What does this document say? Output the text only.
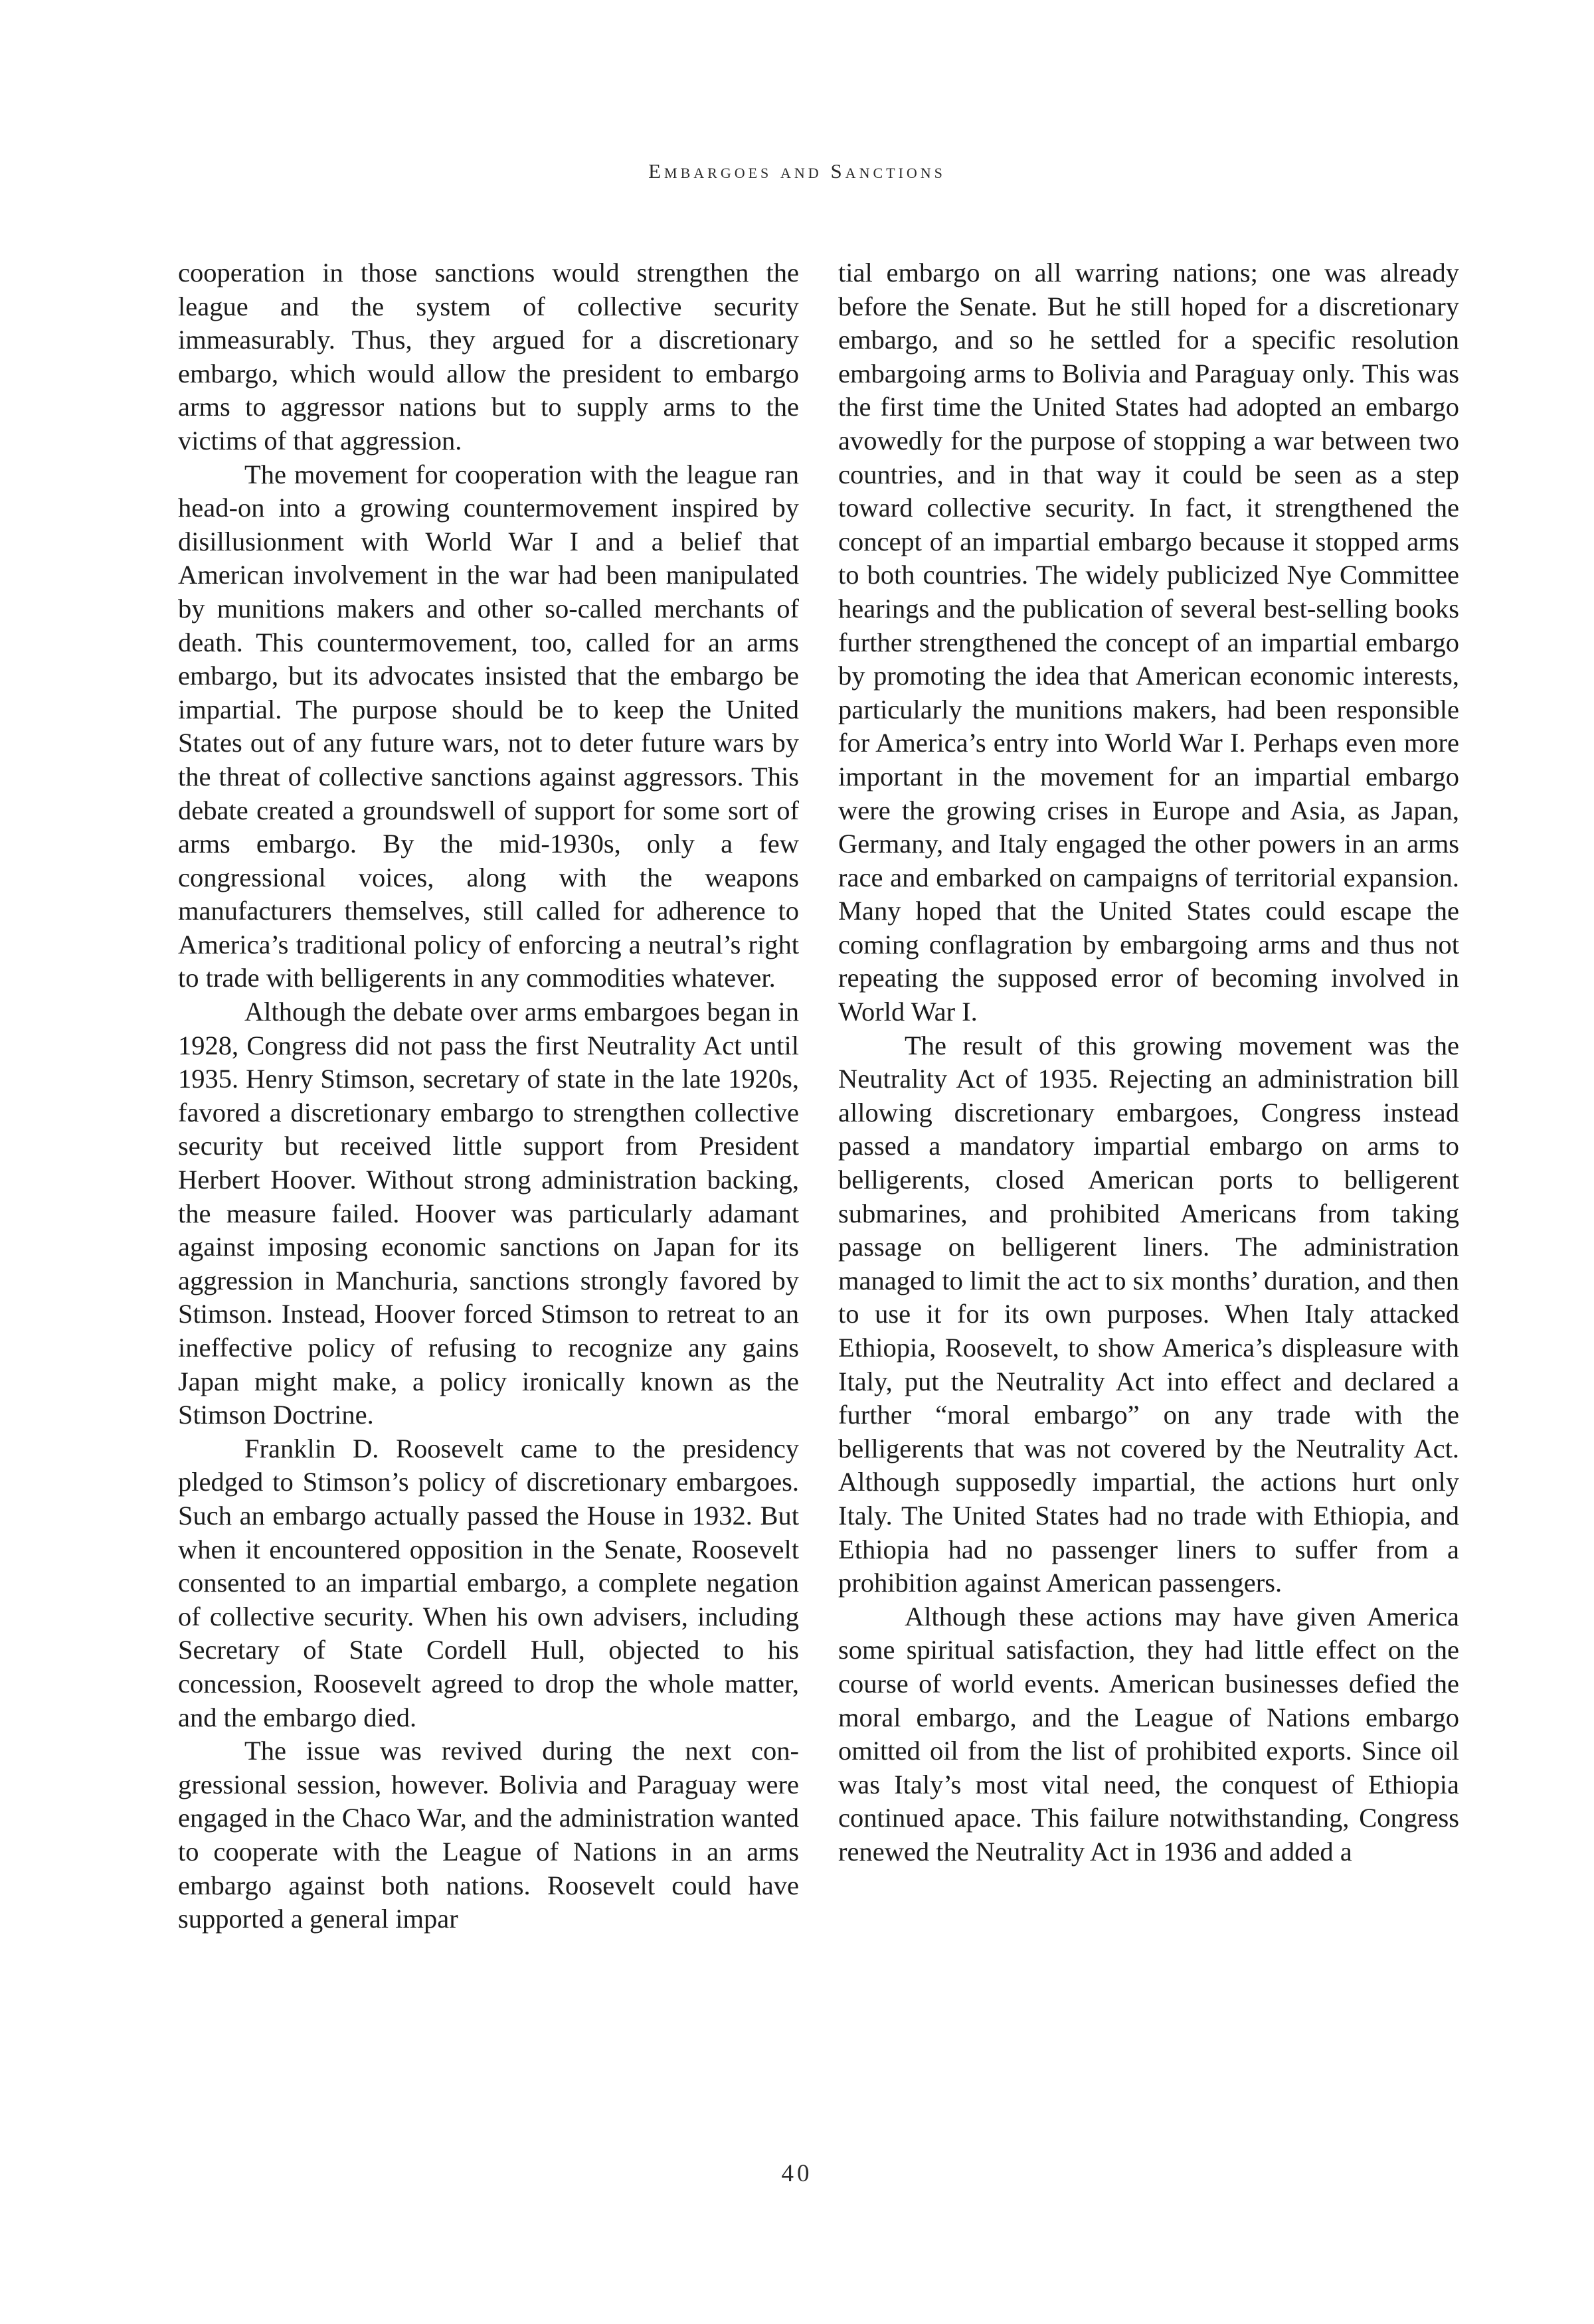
Embargoes and Sanctions

cooperation in those sanctions would strengthen the league and the system of collective security immeasurably. Thus, they argued for a discretionary embargo, which would allow the president to embargo arms to aggressor nations but to supply arms to the victims of that aggression.

The movement for cooperation with the league ran head-on into a growing countermovement inspired by disillusionment with World War I and a belief that American involvement in the war had been manipulated by munitions makers and other so-called merchants of death. This countermovement, too, called for an arms embargo, but its advocates insisted that the embargo be impartial. The purpose should be to keep the United States out of any future wars, not to deter future wars by the threat of collective sanctions against aggressors. This debate created a groundswell of support for some sort of arms embargo. By the mid-1930s, only a few congressional voices, along with the weapons manufacturers themselves, still called for adherence to America’s traditional policy of enforcing a neutral’s right to trade with belligerents in any commodities whatever.

Although the debate over arms embargoes began in 1928, Congress did not pass the first Neutrality Act until 1935. Henry Stimson, secretary of state in the late 1920s, favored a discretionary embargo to strengthen collective security but received little support from President Herbert Hoover. Without strong administration backing, the measure failed. Hoover was particularly adamant against imposing economic sanctions on Japan for its aggression in Manchuria, sanctions strongly favored by Stimson. Instead, Hoover forced Stimson to retreat to an ineffective policy of refusing to recognize any gains Japan might make, a policy ironically known as the Stimson Doctrine.

Franklin D. Roosevelt came to the presidency pledged to Stimson’s policy of discretionary embargoes. Such an embargo actually passed the House in 1932. But when it encountered opposition in the Senate, Roosevelt consented to an impartial embargo, a complete negation of collective security. When his own advisers, including Secretary of State Cordell Hull, objected to his concession, Roosevelt agreed to drop the whole matter, and the embargo died.

The issue was revived during the next congressional session, however. Bolivia and Paraguay were engaged in the Chaco War, and the administration wanted to cooperate with the League of Nations in an arms embargo against both nations. Roosevelt could have supported a general impar

tial embargo on all warring nations; one was already before the Senate. But he still hoped for a discretionary embargo, and so he settled for a specific resolution embargoing arms to Bolivia and Paraguay only. This was the first time the United States had adopted an embargo avowedly for the purpose of stopping a war between two countries, and in that way it could be seen as a step toward collective security. In fact, it strengthened the concept of an impartial embargo because it stopped arms to both countries. The widely publicized Nye Committee hearings and the publication of several best-selling books further strengthened the concept of an impartial embargo by promoting the idea that American economic interests, particularly the munitions makers, had been responsible for America’s entry into World War I. Perhaps even more important in the movement for an impartial embargo were the growing crises in Europe and Asia, as Japan, Germany, and Italy engaged the other powers in an arms race and embarked on campaigns of territorial expansion. Many hoped that the United States could escape the coming conflagration by embargoing arms and thus not repeating the supposed error of becoming involved in World War I.

The result of this growing movement was the Neutrality Act of 1935. Rejecting an administration bill allowing discretionary embargoes, Congress instead passed a mandatory impartial embargo on arms to belligerents, closed American ports to belligerent submarines, and prohibited Americans from taking passage on belligerent liners. The administration managed to limit the act to six months’ duration, and then to use it for its own purposes. When Italy attacked Ethiopia, Roosevelt, to show America’s displeasure with Italy, put the Neutrality Act into effect and declared a further “moral embargo” on any trade with the belligerents that was not covered by the Neutrality Act. Although supposedly impartial, the actions hurt only Italy. The United States had no trade with Ethiopia, and Ethiopia had no passenger liners to suffer from a prohibition against American passengers.

Although these actions may have given America some spiritual satisfaction, they had little effect on the course of world events. American businesses defied the moral embargo, and the League of Nations embargo omitted oil from the list of prohibited exports. Since oil was Italy’s most vital need, the conquest of Ethiopia continued apace. This failure notwithstanding, Congress renewed the Neutrality Act in 1936 and added a

40
